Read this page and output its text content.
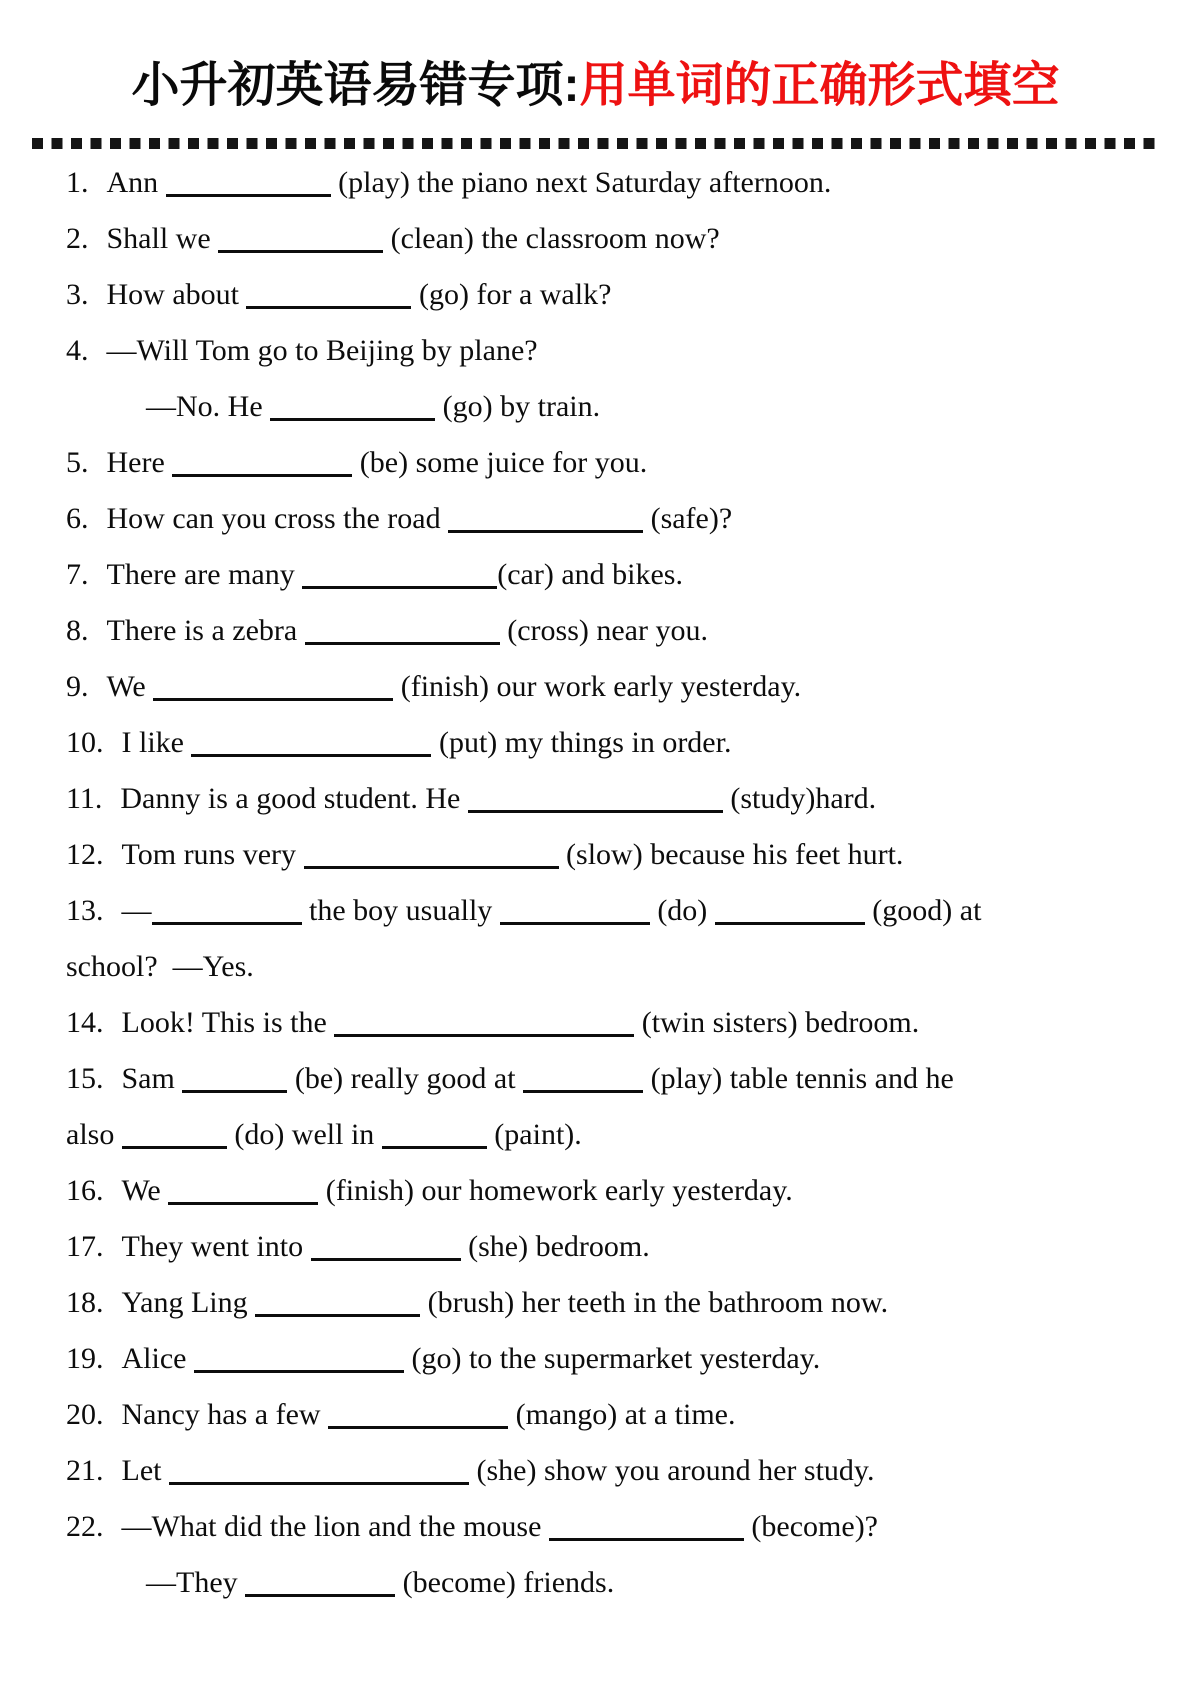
小升初英语易错专项:用单词的正确形式填空
1. Ann	(play) the piano next Saturday afternoon.
2. Shall we	(clean) the classroom now?
3. How about	(go) for a walk?
4. —Will Tom go to Beijing by plane?
—No. He	(go) by train.
5. Here	(be) some juice for you.
6. How can you cross the road	(safe)?
7. There are many	(car) and bikes.
8. There is a zebra	(cross) near you.
9. We	(finish) our work early yesterday.
10. I like	(put) my things in order.
11. Danny is a good student. He	(study)hard.
12. Tom runs very	(slow) because his feet hurt.
13. —	the boy usually	(do)	(good) at
school?  —Yes.
14. Look! This is the	(twin sisters) bedroom.
15. Sam	(be) really good at	(play) table tennis and he
also	(do) well in	(paint).
16. We	(finish) our homework early yesterday.
17. They went into	(she) bedroom.
18. Yang Ling	(brush) her teeth in the bathroom now.
19. Alice	(go) to the supermarket yesterday.
20. Nancy has a few	(mango) at a time.
21. Let	(she) show you around her study.
22. —What did the lion and the mouse	(become)?
—They	(become) friends.
